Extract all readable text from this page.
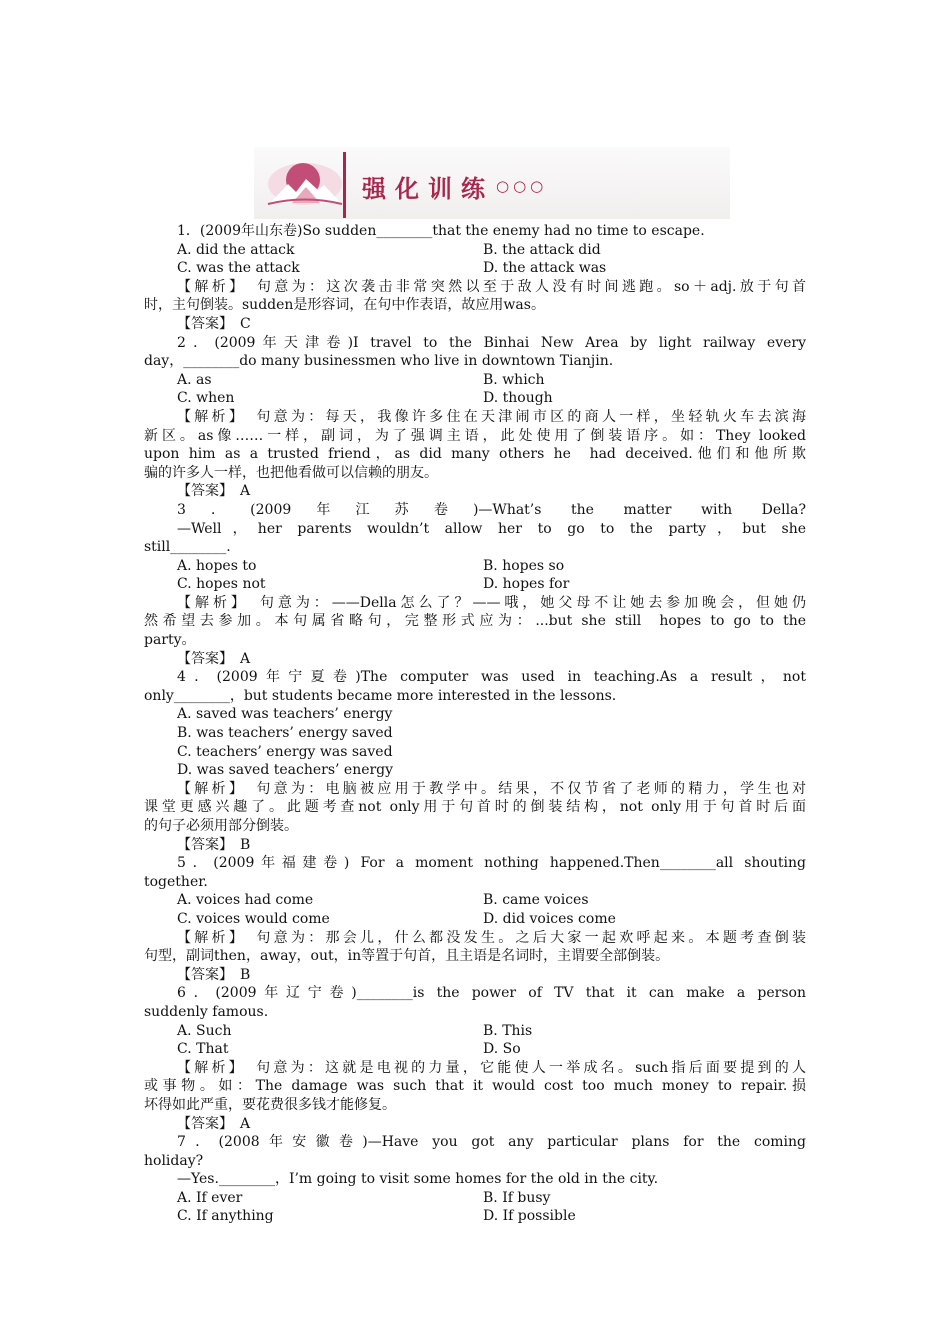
强化训练 ○○○
1．(2009年山东卷)So sudden________that the enemy had no time to escape.
A. did the attack	B. the attack did
C. was the attack	D. the attack was
【解析】　句意为：这次袭击非常突然以至于敌人没有时间逃跑。so＋adj.放于句首
时，主句倒装。sudden是形容词，在句中作表语，故应用was。
【答案】　C
2．(2009年天津卷)I travel to the Binhai New Area by light railway every
day，________do many businessmen who live in downtown Tianjin.
A. as	B. which
C. when	D. though
【解析】　句意为：每天，我像许多住在天津闹市区的商人一样，坐轻轨火车去滨海
新区。as像……一样，副词，为了强调主语，此处使用了倒装语序。如：They looked
upon him as a trusted friend，as did many others he  had deceived.他们和他所欺
骗的许多人一样，也把他看做可以信赖的朋友。
【答案】　A
3．(2009年江苏卷)—What’s the matter with Della?
—Well，her parents wouldn’t allow her to go to the party，but she
still________.
A. hopes to	B. hopes so
C. hopes not	D. hopes for
【解析】　句意为：——Della怎么了？——哦，她父母不让她去参加晚会，但她仍
然希望去参加。本句属省略句，完整形式应为：...but she still  hopes to go to the
party。
【答案】　A
4．(2009年宁夏卷)The computer was used in teaching.As a result，not
only________，but students became more interested in the lessons.
A. saved was teachers’ energy
B. was teachers’ energy saved
C. teachers’ energy was saved
D. was saved teachers’ energy
【解析】　句意为：电脑被应用于教学中。结果，不仅节省了老师的精力，学生也对
课堂更感兴趣了。此题考查not only用于句首时的倒装结构，not only用于句首时后面
的句子必须用部分倒装。
【答案】　B
5．(2009年福建卷) For a moment nothing happened.Then________all shouting
together.
A. voices had come	B. came voices
C. voices would come	D. did voices come
【解析】　句意为：那会儿，什么都没发生。之后大家一起欢呼起来。本题考查倒装
句型，副词then，away，out，in等置于句首，且主语是名词时，主谓要全部倒装。
【答案】　B
6．(2009年辽宁卷)________is the power of TV that it can make a person
suddenly famous.
A. Such	B. This
C. That	D. So
【解析】　句意为：这就是电视的力量，它能使人一举成名。such指后面要提到的人
或事物。如：The damage was such that it would cost too much money to repair.损
坏得如此严重，要花费很多钱才能修复。
【答案】　A
7．(2008年安徽卷)—Have you got any particular plans for the coming
holiday?
—Yes.________，I’m going to visit some homes for the old in the city.
A. If ever	B. If busy
C. If anything	D. If possible
